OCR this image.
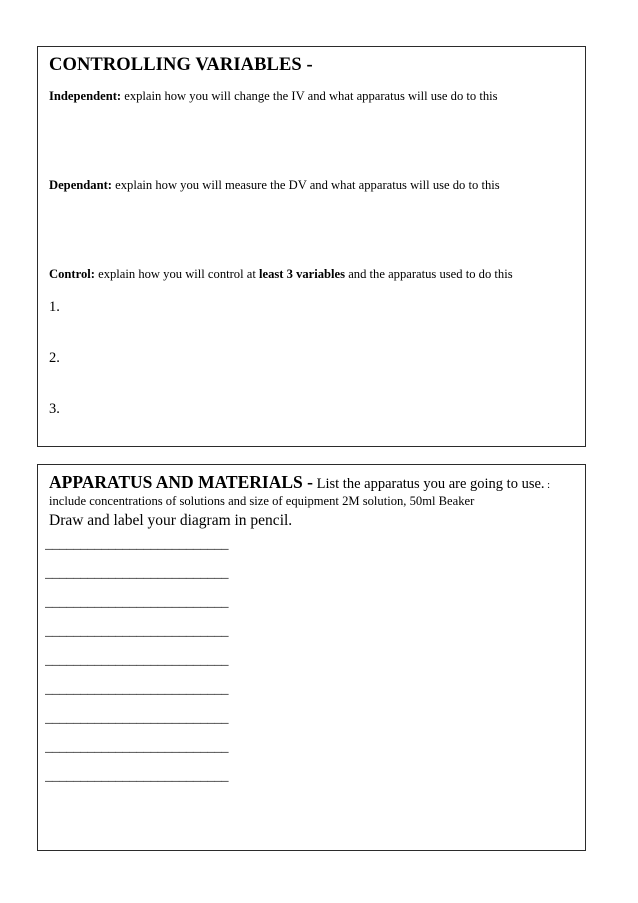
CONTROLLING VARIABLES -
Independent: explain how you will change the IV and what apparatus will use do to this
Dependant: explain how you will measure the DV and what apparatus will use do to this
Control: explain how you will control at least 3 variables and the apparatus used to do this
1.
2.
3.
APPARATUS AND MATERIALS - List the apparatus you are going to use. :
include concentrations of solutions and size of equipment 2M solution, 50ml Beaker
Draw and label your diagram in pencil.
__________________________
__________________________
__________________________
__________________________
__________________________
__________________________
__________________________
__________________________
__________________________
